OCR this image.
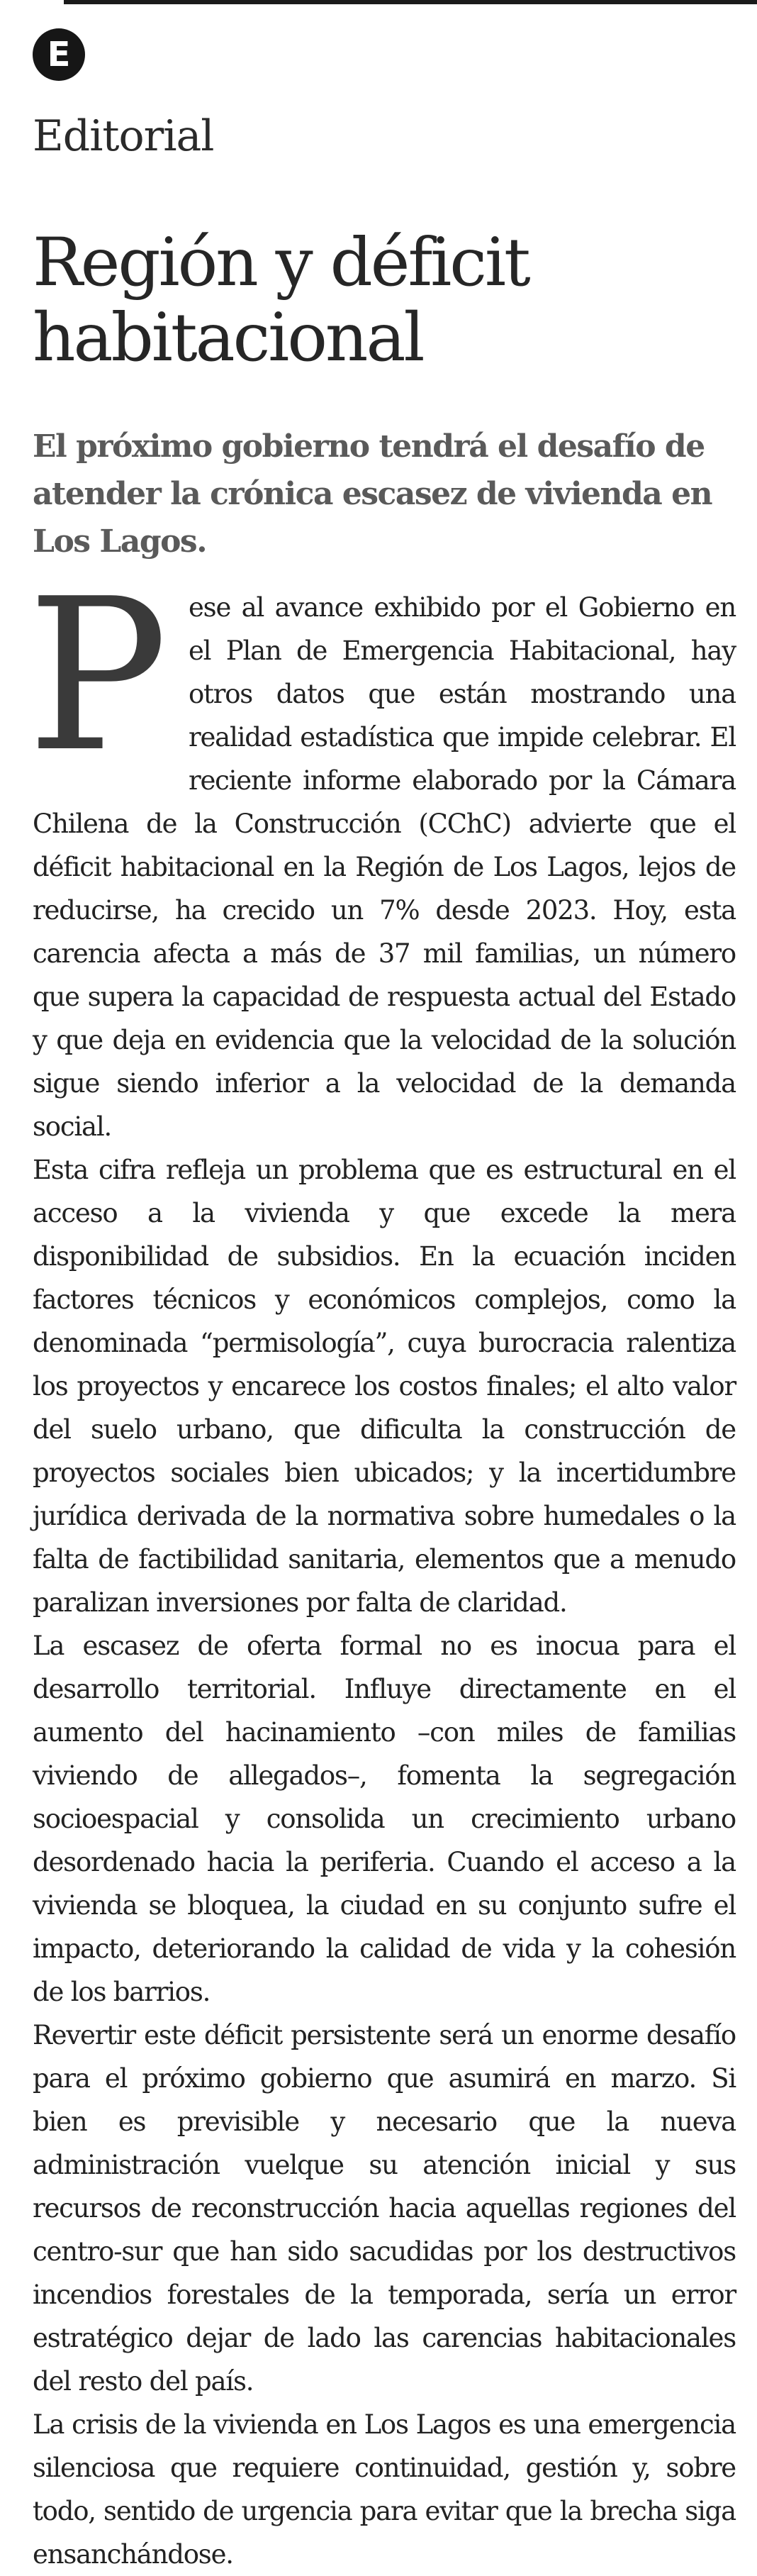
E
Editorial
Región y déficit habitacional
El próximo gobierno tendrá el desafío de atender la crónica escasez de vivienda en Los Lagos.

Pese al avance exhibido por el Gobierno en el Plan de Emergencia Habitacional, hay otros datos que están mostrando una realidad estadística que impide celebrar. El reciente informe elaborado por la Cámara Chilena de la Construcción (CChC) advierte que el déficit habitacional en la Región de Los Lagos, lejos de reducirse, ha crecido un 7% desde 2023. Hoy, esta carencia afecta a más de 37 mil familias, un número que supera la capacidad de respuesta actual del Estado y que deja en evidencia que la velocidad de la solución sigue siendo inferior a la velocidad de la demanda social.

Esta cifra refleja un problema que es estructural en el acceso a la vivienda y que excede la mera disponibilidad de subsidios. En la ecuación inciden factores técnicos y económicos complejos, como la denominada “permisología”, cuya burocracia ralentiza los proyectos y encarece los costos finales; el alto valor del suelo urbano, que dificulta la construcción de proyectos sociales bien ubicados; y la incertidumbre jurídica derivada de la normativa sobre humedales o la falta de factibilidad sanitaria, elementos que a menudo paralizan inversiones por falta de claridad.

La escasez de oferta formal no es inocua para el desarrollo territorial. Influye directamente en el aumento del hacinamiento –con miles de familias viviendo de allegados–, fomenta la segregación socioespacial y consolida un crecimiento urbano desordenado hacia la periferia. Cuando el acceso a la vivienda se bloquea, la ciudad en su conjunto sufre el impacto, deteriorando la calidad de vida y la cohesión de los barrios.

Revertir este déficit persistente será un enorme desafío para el próximo gobierno que asumirá en marzo. Si bien es previsible y necesario que la nueva administración vuelque su atención inicial y sus recursos de reconstrucción hacia aquellas regiones del centro-sur que han sido sacudidas por los destructivos incendios forestales de la temporada, sería un error estratégico dejar de lado las carencias habitacionales del resto del país.

La crisis de la vivienda en Los Lagos es una emergencia silenciosa que requiere continuidad, gestión y, sobre todo, sentido de urgencia para evitar que la brecha siga ensanchándose.
